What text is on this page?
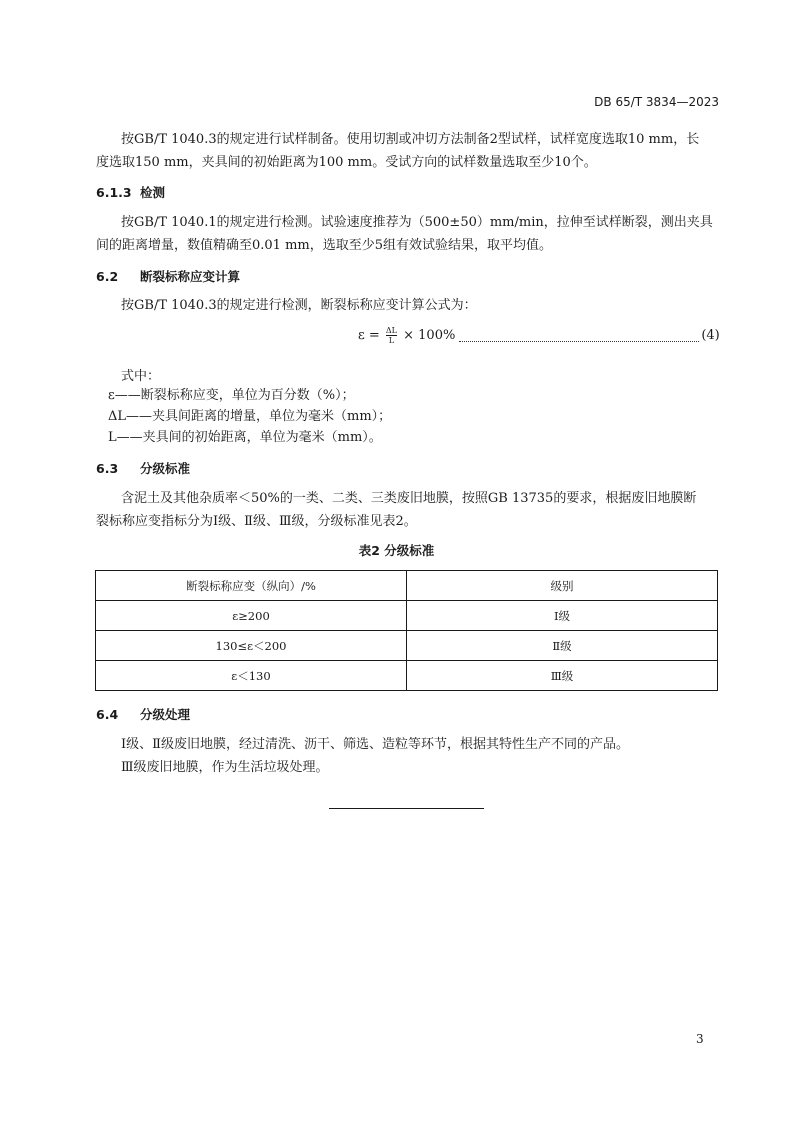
DB 65/T 3834—2023
按GB/T 1040.3的规定进行试样制备。使用切割或冲切方法制备2型试样，试样宽度选取10 mm，长
度选取150 mm，夹具间的初始距离为100 mm。受试方向的试样数量选取至少10个。
6.1.3 检测
按GB/T 1040.1的规定进行检测。试验速度推荐为（500±50）mm/min，拉伸至试样断裂，测出夹具
间的距离增量，数值精确至0.01 mm，选取至少5组有效试验结果，取平均值。
6.2 断裂标称应变计算
按GB/T 1040.3的规定进行检测，断裂标称应变计算公式为：
$\varepsilon = \frac{\Delta L}{L} \times 100\%$	(4)
式中：
ε——断裂标称应变，单位为百分数（%）；
ΔL——夹具间距离的增量，单位为毫米（mm）；
L——夹具间的初始距离，单位为毫米（mm）。
6.3 分级标准
含泥土及其他杂质率＜50%的一类、二类、三类废旧地膜，按照GB 13735的要求，根据废旧地膜断
裂标称应变指标分为Ⅰ级、Ⅱ级、Ⅲ级，分级标准见表2。
表2 分级标准
断裂标称应变（纵向）/%	级别
ε≥200	Ⅰ级
130≤ε＜200	Ⅱ级
ε＜130	Ⅲ级
6.4 分级处理
Ⅰ级、Ⅱ级废旧地膜，经过清洗、沥干、筛选、造粒等环节，根据其特性生产不同的产品。
Ⅲ级废旧地膜，作为生活垃圾处理。
3
